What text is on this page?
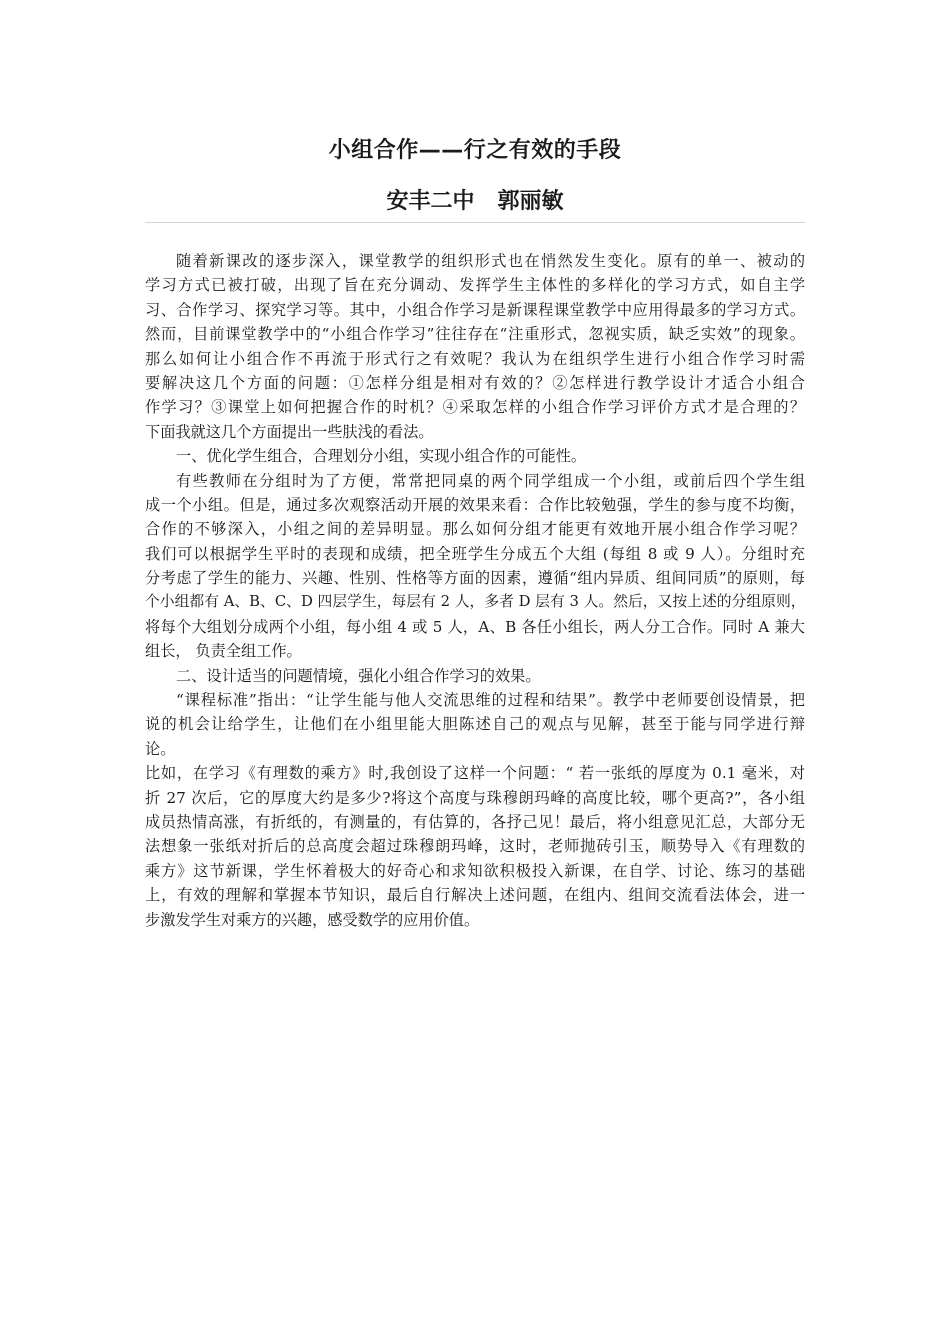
小组合作——行之有效的手段
安丰二中   郭丽敏
随着新课改的逐步深入，课堂教学的组织形式也在悄然发生变化。原有的单一、被动的
学习方式已被打破，出现了旨在充分调动、发挥学生主体性的多样化的学习方式，如自主学
习、合作学习、探究学习等。其中，小组合作学习是新课程课堂教学中应用得最多的学习方式。
然而，目前课堂教学中的“小组合作学习”往往存在“注重形式，忽视实质，缺乏实效”的现象。
那么如何让小组合作不再流于形式行之有效呢？我认为在组织学生进行小组合作学习时需
要解决这几个方面的问题：①怎样分组是相对有效的？②怎样进行教学设计才适合小组合
作学习？③课堂上如何把握合作的时机？④采取怎样的小组合作学习评价方式才是合理的？
下面我就这几个方面提出一些肤浅的看法。
一、优化学生组合，合理划分小组，实现小组合作的可能性。
有些教师在分组时为了方便，常常把同桌的两个同学组成一个小组，或前后四个学生组
成一个小组。但是，通过多次观察活动开展的效果来看：合作比较勉强，学生的参与度不均衡，
合作的不够深入，小组之间的差异明显。那么如何分组才能更有效地开展小组合作学习呢？
我们可以根据学生平时的表现和成绩，把全班学生分成五个大组 (每组 8 或 9 人）。分组时充
分考虑了学生的能力、兴趣、性别、性格等方面的因素，遵循“组内异质、组间同质”的原则，每
个小组都有 A、B、C、D 四层学生，每层有 2 人，多者 D 层有 3 人。然后，又按上述的分组原则，
将每个大组划分成两个小组，每小组 4 或 5 人，A、B 各任小组长，两人分工合作。同时 A 兼大
组长， 负责全组工作。
二、设计适当的问题情境，强化小组合作学习的效果。
“课程标准”指出：“让学生能与他人交流思维的过程和结果”。教学中老师要创设情景，把
说的机会让给学生，让他们在小组里能大胆陈述自己的观点与见解，甚至于能与同学进行辩
论。
比如，在学习《有理数的乘方》时,我创设了这样一个问题：“ 若一张纸的厚度为 0.1 毫米，对
折 27 次后，它的厚度大约是多少?将这个高度与珠穆朗玛峰的高度比较，哪个更高?”，各小组
成员热情高涨，有折纸的，有测量的，有估算的，各抒己见！最后，将小组意见汇总，大部分无
法想象一张纸对折后的总高度会超过珠穆朗玛峰，这时，老师抛砖引玉，顺势导入《有理数的
乘方》这节新课，学生怀着极大的好奇心和求知欲积极投入新课，在自学、讨论、练习的基础
上，有效的理解和掌握本节知识，最后自行解决上述问题，在组内、组间交流看法体会，进一
步激发学生对乘方的兴趣，感受数学的应用价值。
